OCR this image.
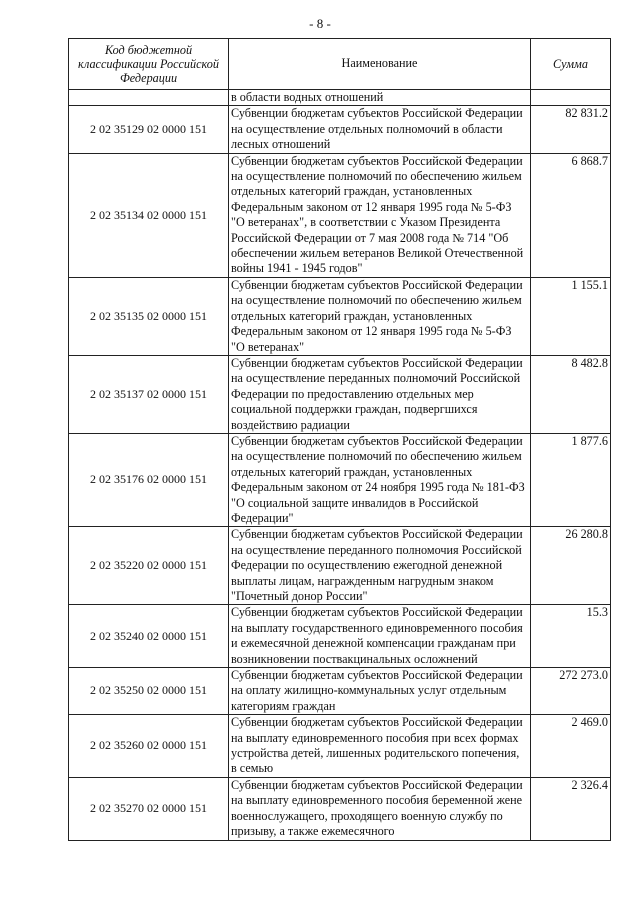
- 8 -
Код бюджетной классификации Российской Федерации	Наименование	Сумма
	в области водных отношений	
2 02 35129 02 0000 151	Субвенции бюджетам субъектов Российской Федерации на осуществление отдельных полномочий в области лесных отношений	82 831.2
2 02 35134 02 0000 151	Субвенции бюджетам субъектов Российской Федерации на осуществление полномочий по обеспечению жильем отдельных категорий граждан, установленных Федеральным законом от 12 января 1995 года № 5-ФЗ "О ветеранах", в соответствии с Указом Президента Российской Федерации от 7 мая 2008 года № 714 "Об обеспечении жильем ветеранов Великой Отечественной войны 1941 - 1945 годов"	6 868.7
2 02 35135 02 0000 151	Субвенции бюджетам субъектов Российской Федерации на осуществление полномочий по обеспечению жильем отдельных категорий граждан, установленных Федеральным законом от 12 января 1995 года № 5-ФЗ "О ветеранах"	1 155.1
2 02 35137 02 0000 151	Субвенции бюджетам субъектов Российской Федерации на осуществление переданных полномочий Российской Федерации по предоставлению отдельных мер социальной поддержки граждан, подвергшихся воздействию радиации	8 482.8
2 02 35176 02 0000 151	Субвенции бюджетам субъектов Российской Федерации на осуществление полномочий по обеспечению жильем отдельных категорий граждан, установленных Федеральным законом от 24 ноября 1995 года № 181-ФЗ "О социальной защите инвалидов в Российской Федерации"	1 877.6
2 02 35220 02 0000 151	Субвенции бюджетам субъектов Российской Федерации на осуществление переданного полномочия Российской Федерации по осуществлению ежегодной денежной выплаты лицам, награжденным нагрудным знаком "Почетный донор России"	26 280.8
2 02 35240 02 0000 151	Субвенции бюджетам субъектов Российской Федерации на выплату государственного единовременного пособия и ежемесячной денежной компенсации гражданам при возникновении поствакцинальных осложнений	15.3
2 02 35250 02 0000 151	Субвенции бюджетам субъектов Российской Федерации на оплату жилищно-коммунальных услуг отдельным категориям граждан	272 273.0
2 02 35260 02 0000 151	Субвенции бюджетам субъектов Российской Федерации на выплату единовременного пособия при всех формах устройства детей, лишенных родительского попечения, в семью	2 469.0
2 02 35270 02 0000 151	Субвенции бюджетам субъектов Российской Федерации на выплату единовременного пособия беременной жене военнослужащего, проходящего военную службу по призыву, а также ежемесячного	2 326.4
